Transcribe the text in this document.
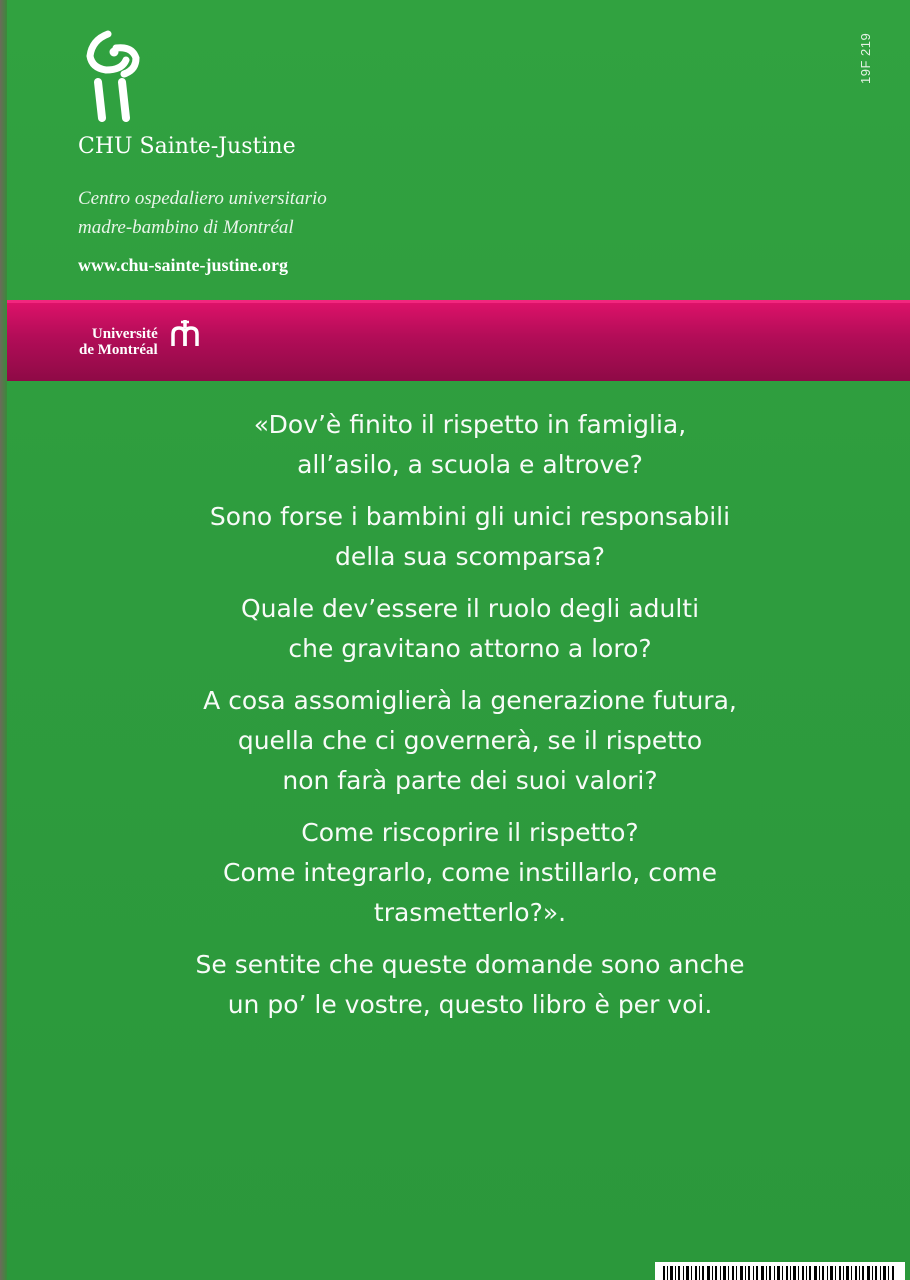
CHU Sainte-Justine
Centro ospedaliero universitario
madre-bambino di Montréal
www.chu-sainte-justine.org
19F 219
Université
de Montréal

«Dov’è finito il rispetto in famiglia,
all’asilo, a scuola e altrove?

Sono forse i bambini gli unici responsabili
della sua scomparsa?

Quale dev’essere il ruolo degli adulti
che gravitano attorno a loro?

A cosa assomiglierà la generazione futura,
quella che ci governerà, se il rispetto
non farà parte dei suoi valori?

Come riscoprire il rispetto?
Come integrarlo, come instillarlo, come
trasmetterlo?».

Se sentite che queste domande sono anche
un po’ le vostre, questo libro è per voi.
